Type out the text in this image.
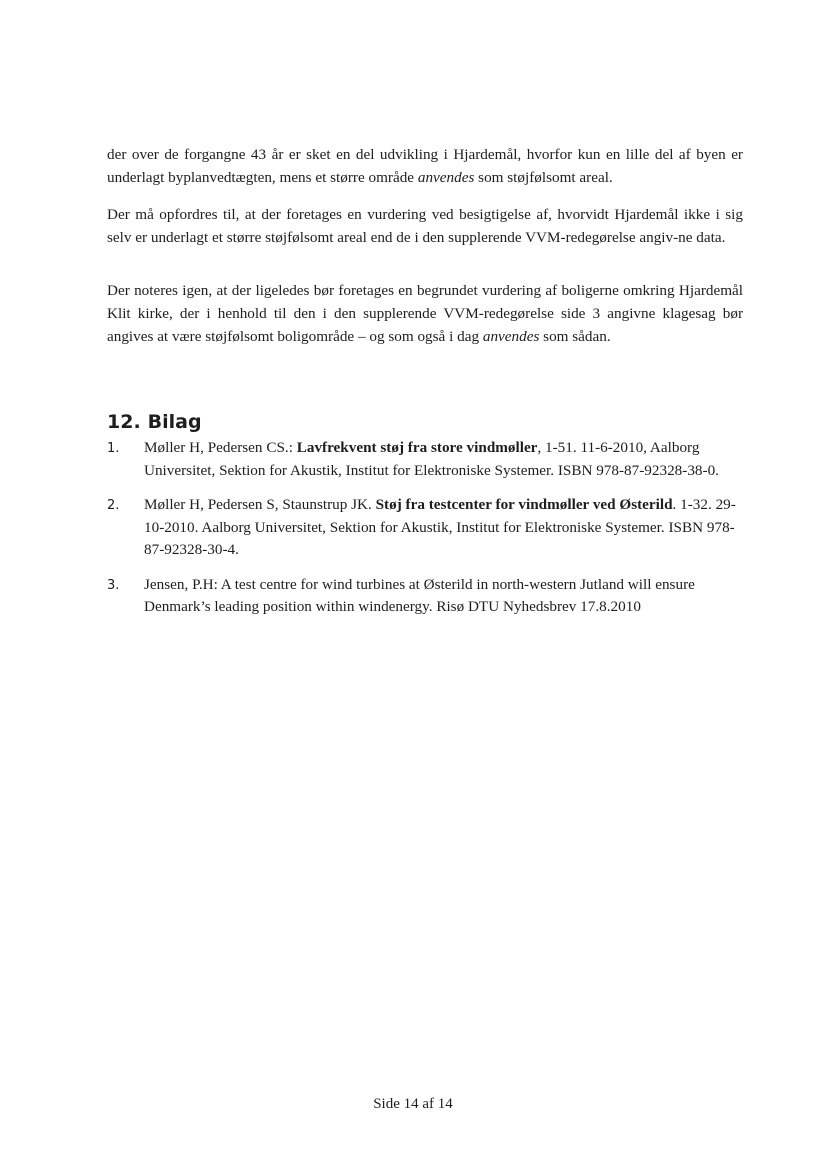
der over de forgangne 43 år er sket en del udvikling i Hjardemål, hvorfor kun en lille del af byen er underlagt byplanvedtægten, mens et større område anvendes som støjfølsomt areal.

Der må opfordres til, at der foretages en vurdering ved besigtigelse af, hvorvidt Hjardemål ikke i sig selv er underlagt et større støjfølsomt areal end de i den supplerende VVM-redegørelse angiv-ne data.

Der noteres igen, at der ligeledes bør foretages en begrundet vurdering af boligerne omkring Hjardemål Klit kirke, der i henhold til den i den supplerende VVM-redegørelse side 3 angivne klagesag bør angives at være støjfølsomt boligområde – og som også i dag anvendes som sådan.

12. Bilag
1. Møller H, Pedersen CS.: Lavfrekvent støj fra store vindmøller, 1-51. 11-6-2010, Aalborg Universitet, Sektion for Akustik, Institut for Elektroniske Systemer. ISBN 978-87-92328-38-0.
2. Møller H, Pedersen S, Staunstrup JK. Støj fra testcenter for vindmøller ved Østerild. 1-32. 29-10-2010. Aalborg Universitet, Sektion for Akustik, Institut for Elektroniske Systemer. ISBN 978-87-92328-30-4.
3. Jensen, P.H: A test centre for wind turbines at Østerild in north-western Jutland will ensure Denmark’s leading position within windenergy. Risø DTU Nyhedsbrev 17.8.2010
Side 14 af 14
